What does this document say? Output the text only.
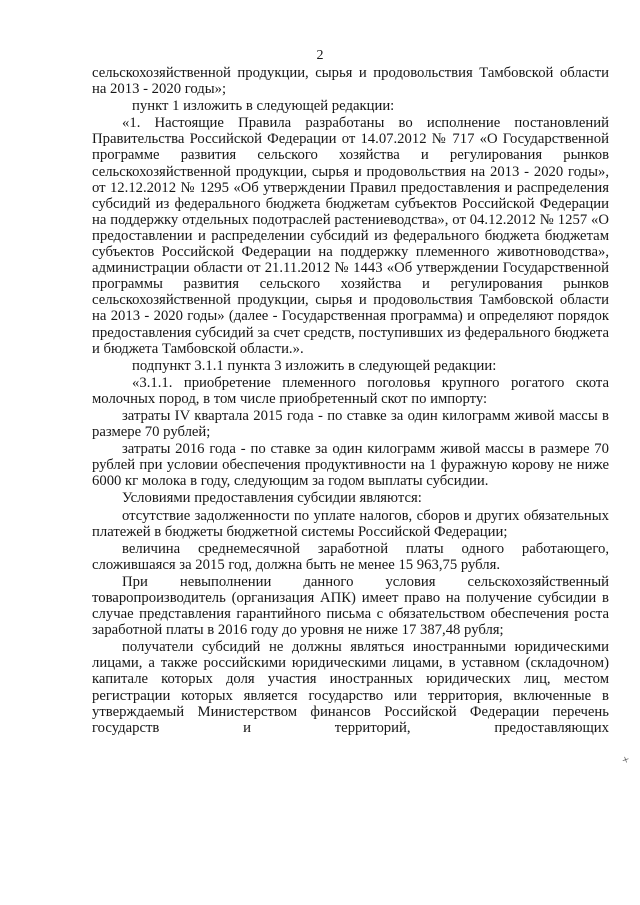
2

сельскохозяйственной продукции, сырья и продовольствия Тамбовской области на 2013 - 2020 годы»;

пункт 1 изложить в следующей редакции:

«1. Настоящие Правила разработаны во исполнение постановлений Правительства Российской Федерации от 14.07.2012 № 717 «О Государственной программе развития сельского хозяйства и регулирования рынков сельскохозяйственной продукции, сырья и продовольствия на 2013 - 2020 годы», от 12.12.2012 № 1295 «Об утверждении Правил предоставления и распределения субсидий из федерального бюджета бюджетам субъектов Российской Федерации на поддержку отдельных подотраслей растениеводства», от 04.12.2012 № 1257 «О предоставлении и распределении субсидий из федерального бюджета бюджетам субъектов Российской Федерации на поддержку племенного животноводства», администрации области от 21.11.2012 № 1443 «Об утверждении Государственной программы развития сельского хозяйства и регулирования рынков сельскохозяйственной продукции, сырья и продовольствия Тамбовской области на 2013 - 2020 годы» (далее - Государственная программа) и определяют порядок предоставления субсидий за счет средств, поступивших из федерального бюджета и бюджета Тамбовской области.».

подпункт 3.1.1 пункта 3 изложить в следующей редакции:

«3.1.1. приобретение племенного поголовья крупного рогатого скота молочных пород, в том числе приобретенный скот по импорту:

затраты IV квартала 2015 года - по ставке за один килограмм живой массы в размере 70 рублей;

затраты 2016 года - по ставке за один килограмм живой массы в размере 70 рублей при условии обеспечения продуктивности на 1 фуражную корову не ниже 6000 кг молока в году, следующим за годом выплаты субсидии.

Условиями предоставления субсидии являются:

отсутствие задолженности по уплате налогов, сборов и других обязательных платежей в бюджеты бюджетной системы Российской Федерации;

величина среднемесячной заработной платы одного работающего, сложившаяся за 2015 год, должна быть не менее 15 963,75 рубля.

При невыполнении данного условия сельскохозяйственный товаропроизводитель (организация АПК) имеет право на получение субсидии в случае представления гарантийного письма с обязательством обеспечения роста заработной платы в 2016 году до уровня не ниже 17 387,48 рубля;

получатели субсидий не должны являться иностранными юридическими лицами, а также российскими юридическими лицами, в уставном (складочном) капитале которых доля участия иностранных юридических лиц, местом регистрации которых является государство или территория, включенные в утверждаемый Министерством финансов Российской Федерации перечень государств и территорий, предоставляющих

+
